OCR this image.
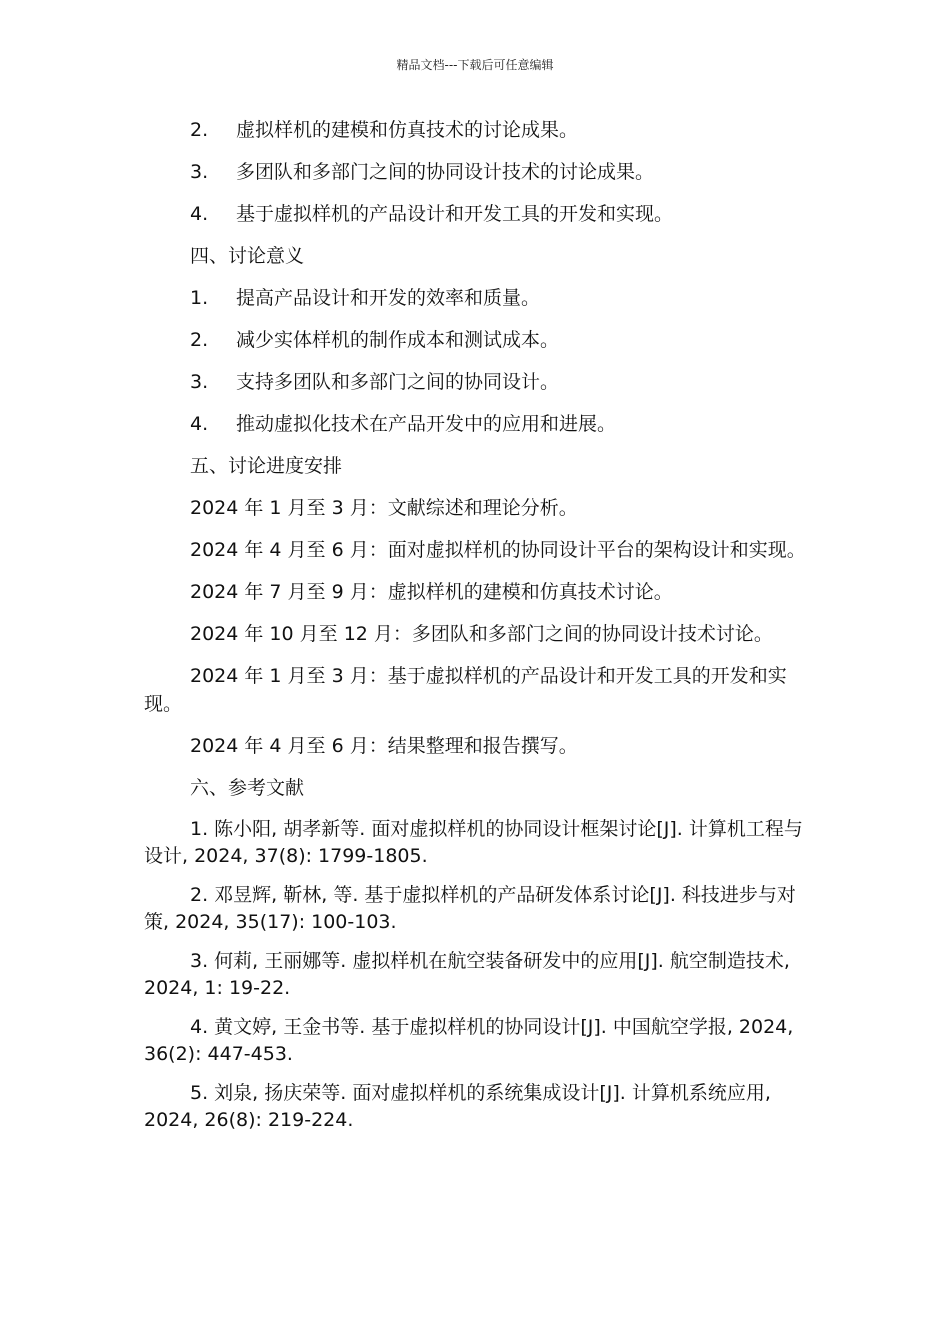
精品文档---下载后可任意编辑
2. 虚拟样机的建模和仿真技术的讨论成果。
3. 多团队和多部门之间的协同设计技术的讨论成果。
4. 基于虚拟样机的产品设计和开发工具的开发和实现。
四、讨论意义
1. 提高产品设计和开发的效率和质量。
2. 减少实体样机的制作成本和测试成本。
3. 支持多团队和多部门之间的协同设计。
4. 推动虚拟化技术在产品开发中的应用和进展。
五、讨论进度安排
2024 年 1 月至 3 月：文献综述和理论分析。
2024 年 4 月至 6 月：面对虚拟样机的协同设计平台的架构设计和实现。
2024 年 7 月至 9 月：虚拟样机的建模和仿真技术讨论。
2024 年 10 月至 12 月：多团队和多部门之间的协同设计技术讨论。
2024 年 1 月至 3 月：基于虚拟样机的产品设计和开发工具的开发和实现。
2024 年 4 月至 6 月：结果整理和报告撰写。
六、参考文献
1. 陈小阳, 胡孝新等. 面对虚拟样机的协同设计框架讨论[J]. 计算机工程与设计, 2024, 37(8): 1799-1805.
2. 邓昱辉, 靳林, 等. 基于虚拟样机的产品研发体系讨论[J]. 科技进步与对策, 2024, 35(17): 100-103.
3. 何莉, 王丽娜等. 虚拟样机在航空装备研发中的应用[J]. 航空制造技术, 2024, 1: 19-22.
4. 黄文婷, 王金书等. 基于虚拟样机的协同设计[J]. 中国航空学报, 2024, 36(2): 447-453.
5. 刘泉, 扬庆荣等. 面对虚拟样机的系统集成设计[J]. 计算机系统应用, 2024, 26(8): 219-224.
